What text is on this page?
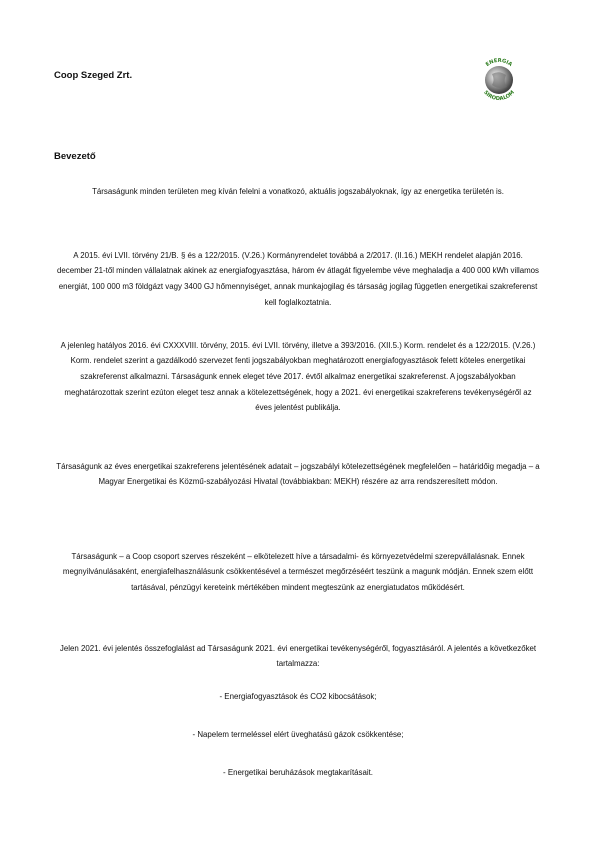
Coop Szeged Zrt.
ENERGIA
SIRODALOM
Bevezető

Társaságunk minden területen meg kíván felelni a vonatkozó, aktuális jogszabályoknak, így az energetika területén is.

A 2015. évi LVII. törvény 21/B. § és a 122/2015. (V.26.) Kormányrendelet továbbá a 2/2017. (II.16.) MEKH rendelet alapján 2016. december 21-től minden vállalatnak akinek az energiafogyasztása, három év átlagát figyelembe véve meghaladja a 400 000 kWh villamos energiát, 100 000 m3 földgázt vagy 3400 GJ hőmennyiséget, annak munkajogilag és társaság jogilag független energetikai szakreferenst kell foglalkoztatnia.

A jelenleg hatályos 2016. évi CXXXVIII. törvény, 2015. évi LVII. törvény, illetve a 393/2016. (XII.5.) Korm. rendelet és a 122/2015. (V.26.) Korm. rendelet szerint a gazdálkodó szervezet fenti jogszabályokban meghatározott energiafogyasztások felett köteles energetikai szakreferenst alkalmazni. Társaságunk ennek eleget téve 2017. évtől alkalmaz energetikai szakreferenst. A jogszabályokban meghatározottak szerint ezúton eleget tesz annak a kötelezettségének, hogy a 2021. évi energetikai szakreferens tevékenységéről az éves jelentést publikálja.

Társaságunk az éves energetikai szakreferens jelentésének adatait – jogszabályi kötelezettségének megfelelően – határidőig megadja – a Magyar Energetikai és Közmű-szabályozási Hivatal (továbbiakban: MEKH) részére az arra rendszeresített módon.

Társaságunk – a Coop csoport szerves részeként – elkötelezett híve a társadalmi- és környezetvédelmi szerepvállalásnak. Ennek megnyilvánulásaként, energiafelhasználásunk csökkentésével a természet megőrzéséért teszünk a magunk módján. Ennek szem előtt tartásával, pénzügyi kereteink mértékében mindent megteszünk az energiatudatos működésért.

Jelen 2021. évi jelentés összefoglalást ad Társaságunk 2021. évi energetikai tevékenységéről, fogyasztásáról. A jelentés a következőket tartalmazza:

- Energiafogyasztások és CO2 kibocsátások;

- Napelem termeléssel elért üveghatású gázok csökkentése;

- Energetikai beruházások megtakarításait.
